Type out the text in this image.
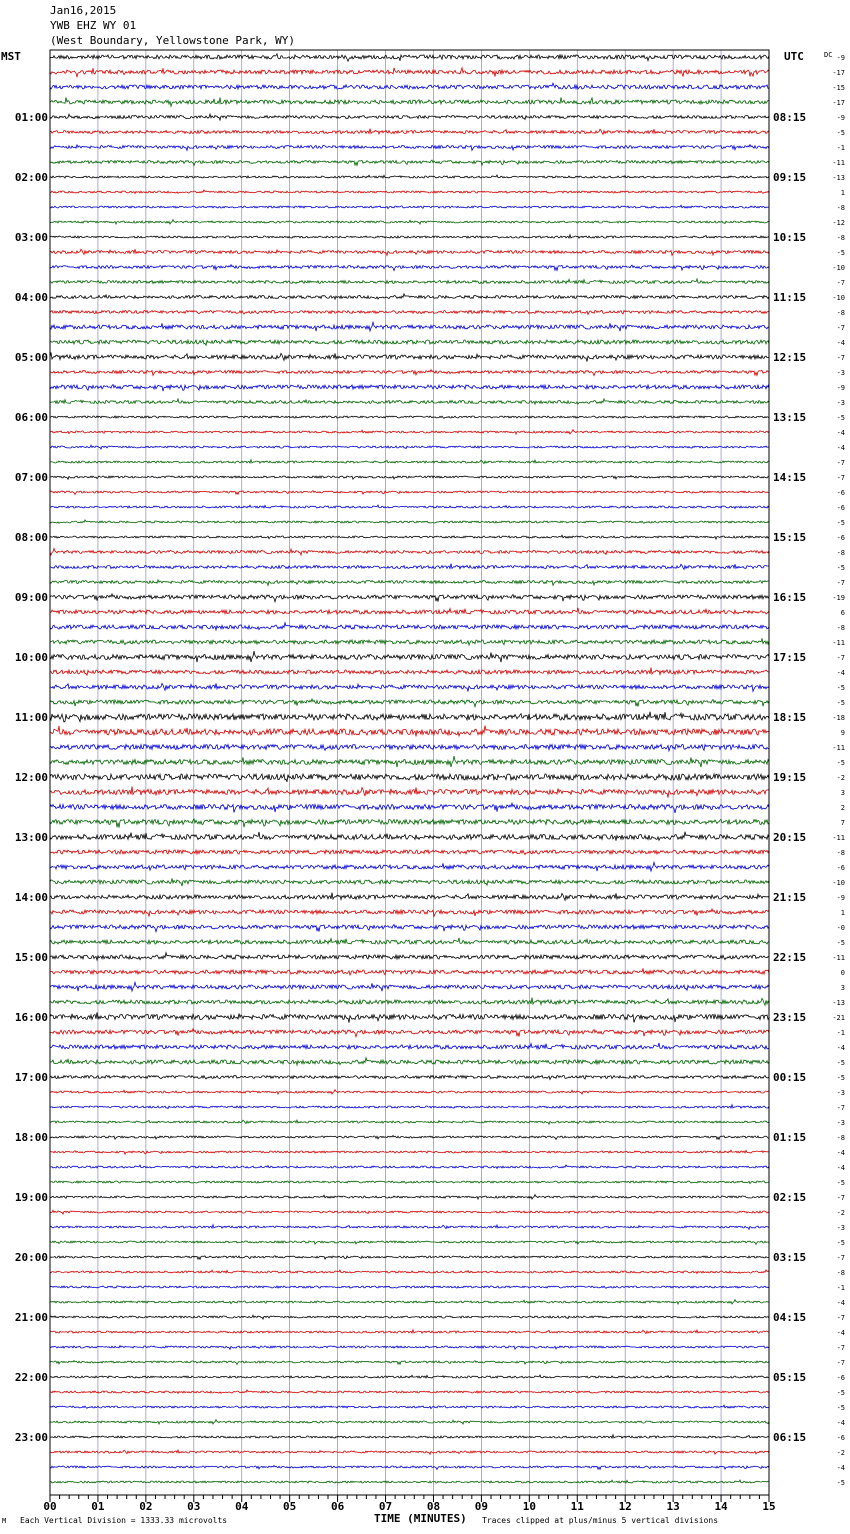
Jan16,2015
YWB EHZ WY 01
(West Boundary, Yellowstone Park, WY)
MST	UTC	-9
-17
-15
-17
-9
-5
-1
-11
-13
1
-8
-12
-8
-5
-10
-7
-10
-8
-7
-4
-7
-3
-9
-3
-5
-4
-4
-7
-7
-6
-6
-5
-6
-8
-5
-7
-19
6
-8
-11
-7
-4
-5
-5
-18
9
-11
-5
-2
3
2
7
-11
-8
-6
-10
-9
1
-0
-5
-11
0
3
-13
-21
-1
-4
-5
-5
-3
-7
-3
-8
-4
-4
-5
-7
-2
-3
-5
-7
-8
-1
-4
-7
-4
-7
-7
-6
-5
-5
-4
-6
-2
-4
-5
DC
01:00
02:00
03:00
04:00
05:00
06:00
07:00
08:00
09:00
10:00
11:00
12:00
13:00
14:00
15:00
16:00
17:00
18:00
19:00
20:00
21:00
22:00
23:00
08:15
09:15
10:15
11:15
12:15
13:15
14:15
15:15
16:15
17:15
18:15
19:15
20:15
21:15
22:15
23:15
00:15
01:15
02:15
03:15
04:15
05:15
06:15
00	01	02	03	04	05	06	07	08	09	10	11	12	13	14	15
M Each Vertical Division = 1333.33 microvolts	TIME (MINUTES) Traces clipped at plus/minus 5 vertical divisions
